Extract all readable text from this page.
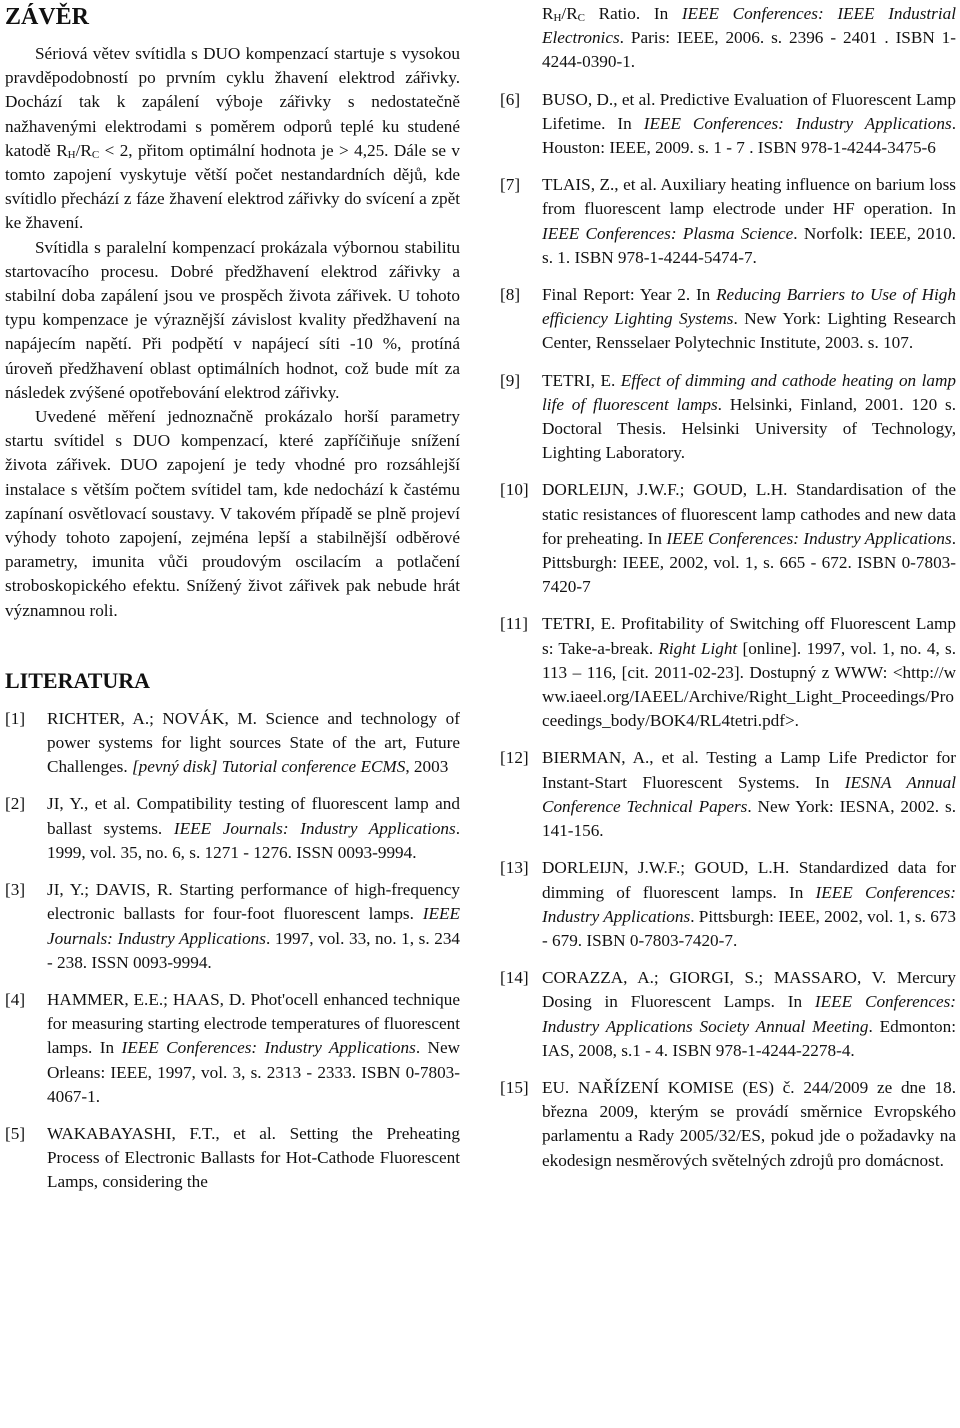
ZÁVĚR

Sériová větev svítidla s DUO kompenzací startuje s vysokou pravděpodobností po prvním cyklu žhavení elektrod zářivky. Dochází tak k zapálení výboje zářivky s nedostatečně nažhavenými elektrodami s poměrem odporů teplé ku studené katodě $R_H/R_C < 2$, přitom optimální hodnota je > 4,25. Dále se v tomto zapojení vyskytuje větší počet nestandardních dějů, kde svítidlo přechází z fáze žhavení elektrod zářivky do svícení a zpět ke žhavení.

Svítidla s paralelní kompenzací prokázala výbornou stabilitu startovacího procesu. Dobré předžhavení elektrod zářivky a stabilní doba zapálení jsou ve prospěch života zářivek. U tohoto typu kompenzace je výraznější závislost kvality předžhavení na napájecím napětí. Při podpětí v napájecí síti -10 %, protíná úroveň předžhavení oblast optimálních hodnot, což bude mít za následek zvýšené opotřebování elektrod zářivky.

Uvedené měření jednoznačně prokázalo horší parametry startu svítidel s DUO kompenzací, které zapříčiňuje snížení života zářivek. DUO zapojení je tedy vhodné pro rozsáhlejší instalace s větším počtem svítidel tam, kde nedochází k častému zapínaní osvětlovací soustavy. V takovém případě se plně projeví výhody tohoto zapojení, zejména lepší a stabilnější odběrové parametry, imunita vůči proudovým oscilacím a potlačení stroboskopického efektu. Snížený život zářivek pak nebude hrát významnou roli.

LITERATURA
[1] RICHTER, A.; NOVÁK, M. Science and technology of power systems for light sources State of the art, Future Challenges. [pevný disk] Tutorial conference ECMS, 2003
[2] JI, Y., et al. Compatibility testing of fluorescent lamp and ballast systems. IEEE Journals: Industry Applications. 1999, vol. 35, no. 6, s. 1271 - 1276. ISSN 0093-9994.
[3] JI, Y.; DAVIS, R. Starting performance of high-frequency electronic ballasts for four-foot fluorescent lamps. IEEE Journals: Industry Applications. 1997, vol. 33, no. 1, s. 234 - 238. ISSN 0093-9994.
[4] HAMMER, E.E.; HAAS, D. Phot'ocell enhanced technique for measuring starting electrode temperatures of fluorescent lamps. In IEEE Conferences: Industry Applications. New Orleans: IEEE, 1997, vol. 3, s. 2313 - 2333. ISBN 0-7803-4067-1.
[5] WAKABAYASHI, F.T., et al. Setting the Preheating Process of Electronic Ballasts for Hot-Cathode Fluorescent Lamps, considering the
$R_H/R_C$ Ratio. In IEEE Conferences: IEEE Industrial Electronics. Paris: IEEE, 2006. s. 2396 - 2401 . ISBN 1-4244-0390-1.
[6] BUSO, D., et al. Predictive Evaluation of Fluorescent Lamp Lifetime. In IEEE Conferences: Industry Applications. Houston: IEEE, 2009. s. 1 - 7 . ISBN 978-1-4244-3475-6
[7] TLAIS, Z., et al. Auxiliary heating influence on barium loss from fluorescent lamp electrode under HF operation. In IEEE Conferences: Plasma Science. Norfolk: IEEE, 2010. s. 1. ISBN 978-1-4244-5474-7.
[8] Final Report: Year 2. In Reducing Barriers to Use of High efficiency Lighting Systems. New York: Lighting Research Center, Rensselaer Polytechnic Institute, 2003. s. 107.
[9] TETRI, E. Effect of dimming and cathode heating on lamp life of fluorescent lamps. Helsinki, Finland, 2001. 120 s. Doctoral Thesis. Helsinki University of Technology, Lighting Laboratory.
[10] DORLEIJN, J.W.F.; GOUD, L.H. Standardisation of the static resistances of fluorescent lamp cathodes and new data for preheating. In IEEE Conferences: Industry Applications. Pittsburgh: IEEE, 2002, vol. 1, s. 665 - 672. ISBN 0-7803-7420-7
[11] TETRI, E. Profitability of Switching off Fluorescent Lamps: Take-a-break. Right Light [online]. 1997, vol. 1, no. 4, s. 113 – 116, [cit. 2011-02-23]. Dostupný z WWW: <http://www.iaeel.org/IAEEL/Archive/Right_Light_Proceedings/Proceedings_body/BOK4/RL4tetri.pdf>.
[12] BIERMAN, A., et al. Testing a Lamp Life Predictor for Instant-Start Fluorescent Systems. In IESNA Annual Conference Technical Papers. New York: IESNA, 2002. s. 141-156.
[13] DORLEIJN, J.W.F.; GOUD, L.H. Standardized data for dimming of fluorescent lamps. In IEEE Conferences: Industry Applications. Pittsburgh: IEEE, 2002, vol. 1, s. 673 - 679. ISBN 0-7803-7420-7.
[14] CORAZZA, A.; GIORGI, S.; MASSARO, V. Mercury Dosing in Fluorescent Lamps. In IEEE Conferences: Industry Applications Society Annual Meeting. Edmonton: IAS, 2008, s.1 - 4. ISBN 978-1-4244-2278-4.
[15] EU. NAŘÍZENÍ KOMISE (ES) č. 244/2009 ze dne 18. března 2009, kterým se provádí směrnice Evropského parlamentu a Rady 2005/32/ES, pokud jde o požadavky na ekodesign nesměrových světelných zdrojů pro domácnost.
